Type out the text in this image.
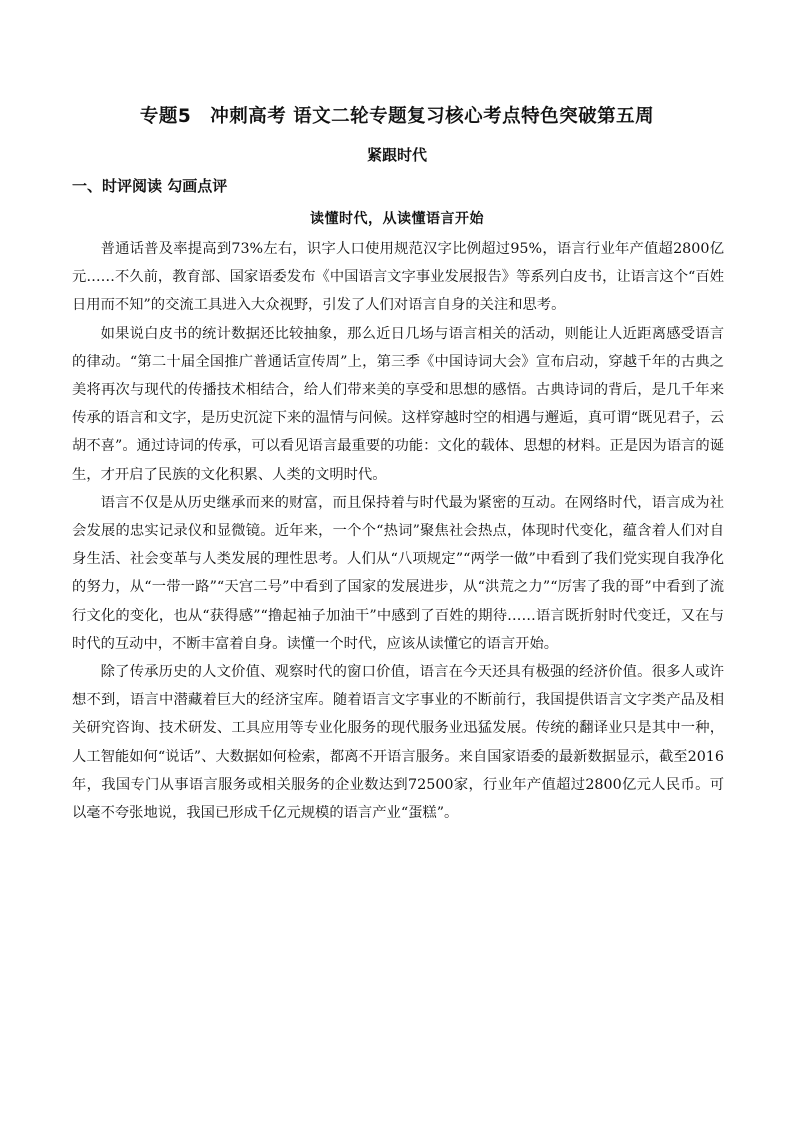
专题5　冲刺高考 语文二轮专题复习核心考点特色突破第五周
紧跟时代
一、时评阅读 勾画点评
读懂时代，从读懂语言开始

普通话普及率提高到73%左右，识字人口使用规范汉字比例超过95%，语言行业年产值超2800亿元……不久前，教育部、国家语委发布《中国语言文字事业发展报告》等系列白皮书，让语言这个“百姓日用而不知”的交流工具进入大众视野，引发了人们对语言自身的关注和思考。

如果说白皮书的统计数据还比较抽象，那么近日几场与语言相关的活动，则能让人近距离感受语言的律动。“第二十届全国推广普通话宣传周”上，第三季《中国诗词大会》宣布启动，穿越千年的古典之美将再次与现代的传播技术相结合，给人们带来美的享受和思想的感悟。古典诗词的背后，是几千年来传承的语言和文字，是历史沉淀下来的温情与问候。这样穿越时空的相遇与邂逅，真可谓“既见君子，云胡不喜”。通过诗词的传承，可以看见语言最重要的功能：文化的载体、思想的材料。正是因为语言的诞生，才开启了民族的文化积累、人类的文明时代。

语言不仅是从历史继承而来的财富，而且保持着与时代最为紧密的互动。在网络时代，语言成为社会发展的忠实记录仪和显微镜。近年来，一个个“热词”聚焦社会热点，体现时代变化，蕴含着人们对自身生活、社会变革与人类发展的理性思考。人们从“八项规定”“两学一做”中看到了我们党实现自我净化的努力，从“一带一路”“天宫二号”中看到了国家的发展进步，从“洪荒之力”“厉害了我的哥”中看到了流行文化的变化，也从“获得感”“撸起袖子加油干”中感到了百姓的期待……语言既折射时代变迁，又在与时代的互动中，不断丰富着自身。读懂一个时代，应该从读懂它的语言开始。

除了传承历史的人文价值、观察时代的窗口价值，语言在今天还具有极强的经济价值。很多人或许想不到，语言中潜藏着巨大的经济宝库。随着语言文字事业的不断前行，我国提供语言文字类产品及相关研究咨询、技术研发、工具应用等专业化服务的现代服务业迅猛发展。传统的翻译业只是其中一种，人工智能如何“说话”、大数据如何检索，都离不开语言服务。来自国家语委的最新数据显示，截至2016年，我国专门从事语言服务或相关服务的企业数达到72500家，行业年产值超过2800亿元人民币。可以毫不夸张地说，我国已形成千亿元规模的语言产业“蛋糕”。
